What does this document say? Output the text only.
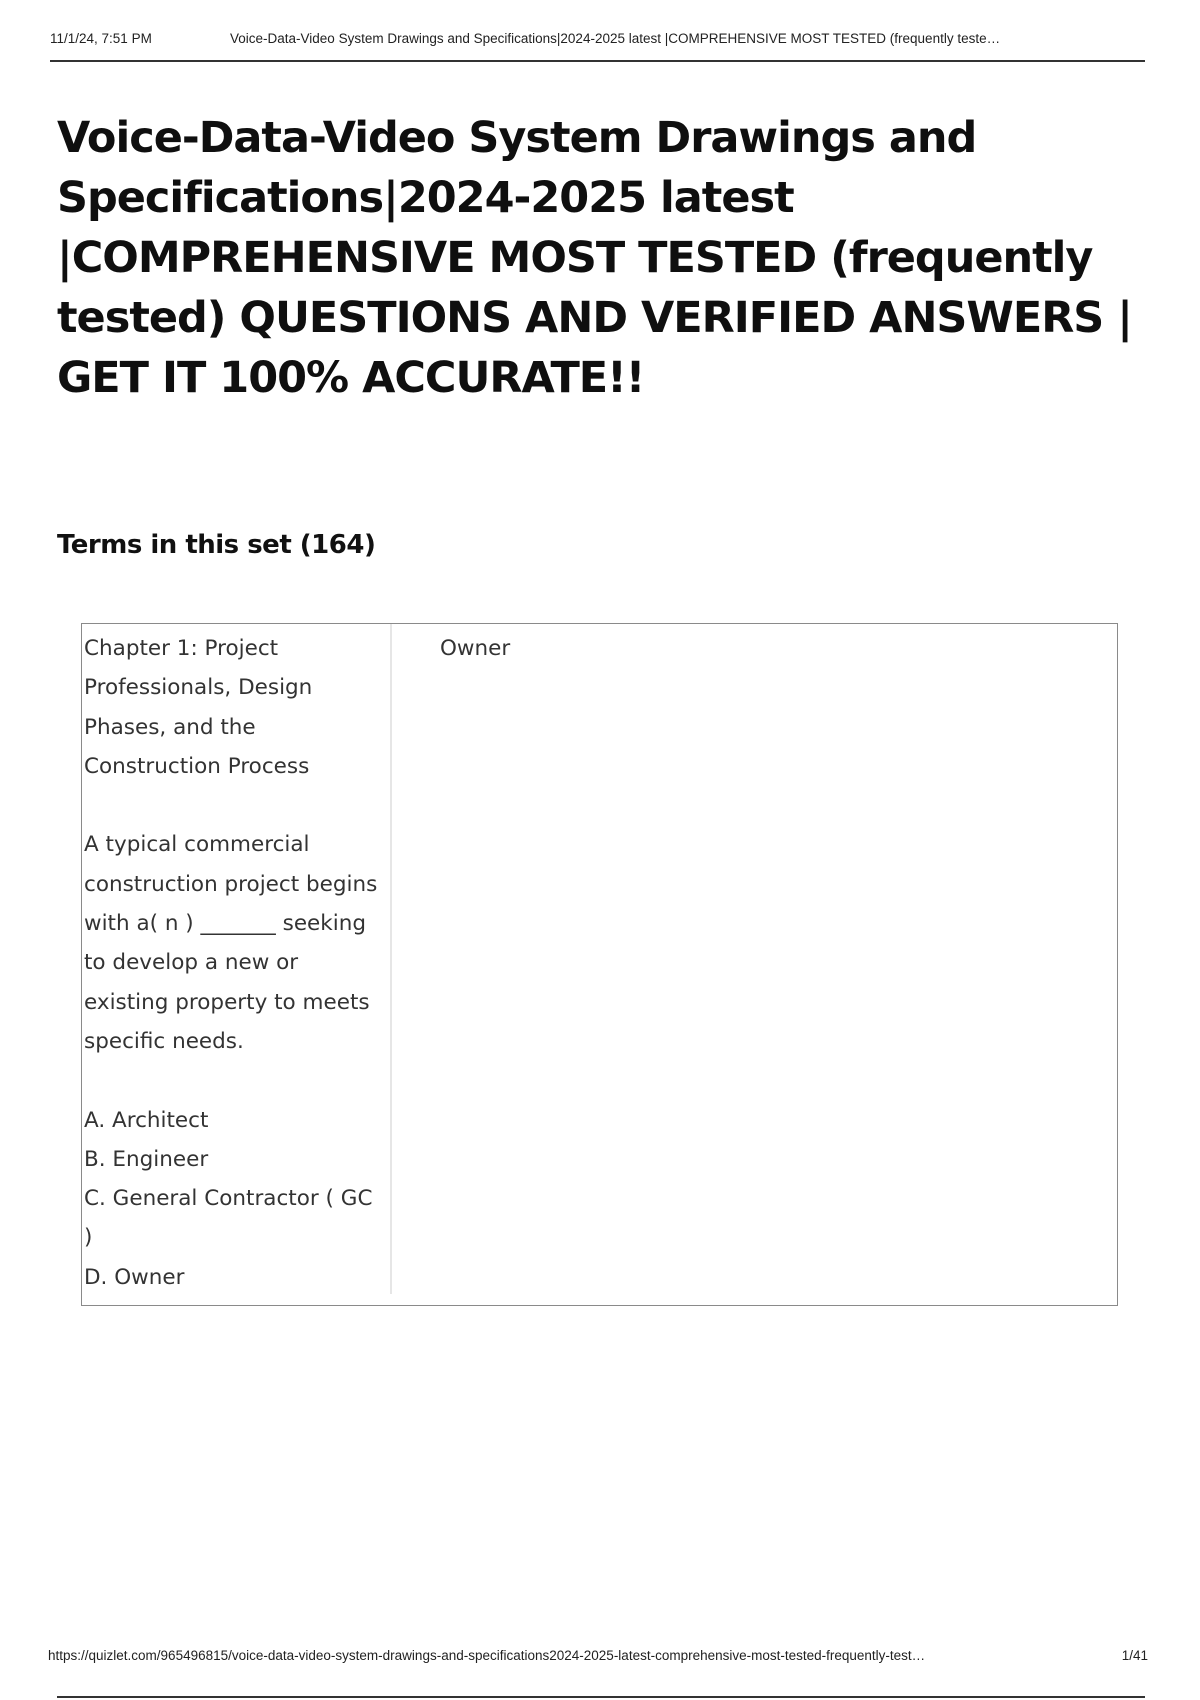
11/1/24, 7:51 PM	Voice-Data-Video System Drawings and Specifications|2024-2025 latest |COMPREHENSIVE MOST TESTED (frequently teste…
Voice-Data-Video System Drawings and Specifications|2024-2025 latest |COMPREHENSIVE MOST TESTED (frequently tested) QUESTIONS AND VERIFIED ANSWERS | GET IT 100% ACCURATE!!
Terms in this set (164)

Chapter 1: Project Professionals, Design Phases, and the Construction Process

A typical commercial construction project begins with a( n ) _______ seeking to develop a new or existing property to meets specific needs.

A. Architect

B. Engineer

C. General Contractor ( GC )

D. Owner

Owner
https://quizlet.com/965496815/voice-data-video-system-drawings-and-specifications2024-2025-latest-comprehensive-most-tested-frequently-test…	1/41
